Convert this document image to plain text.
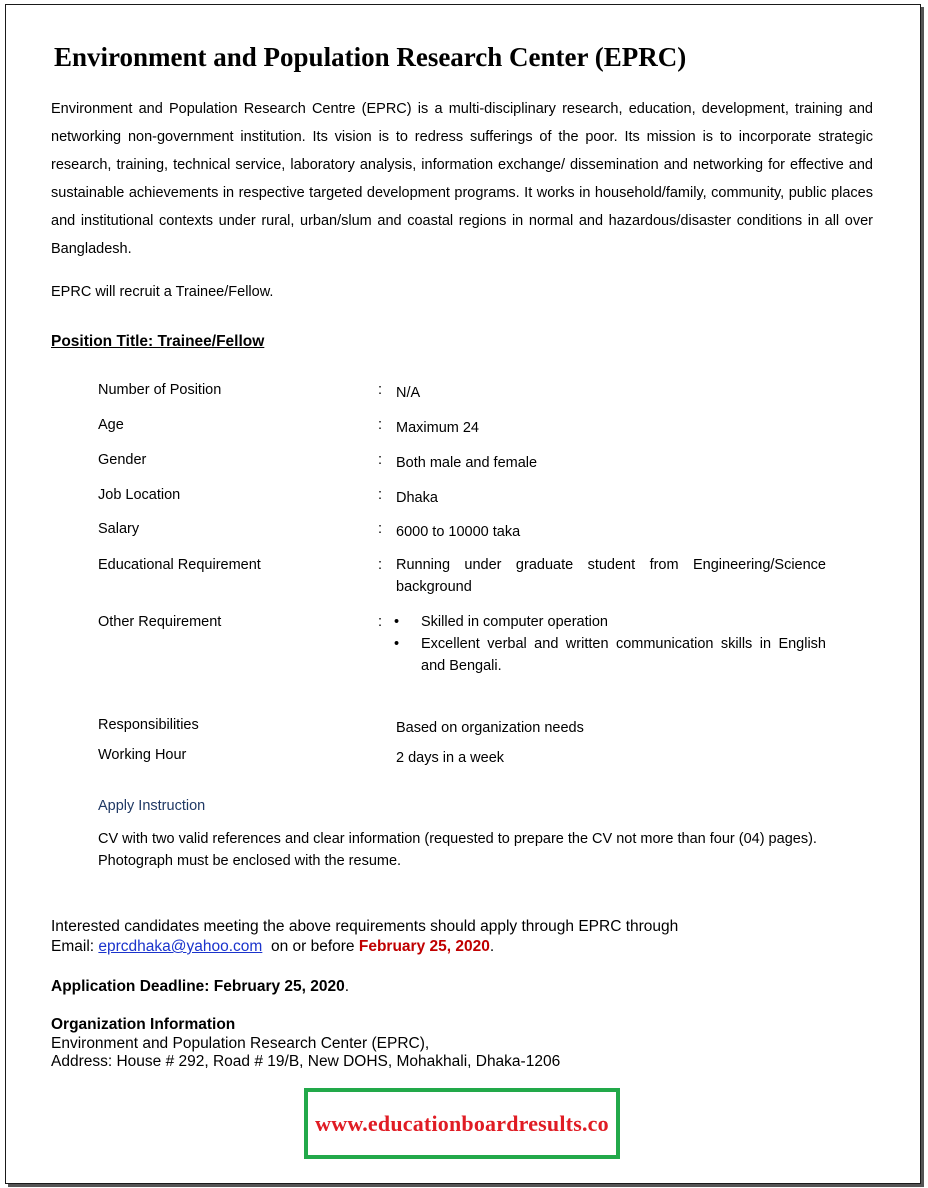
Environment and Population Research Center (EPRC)
Environment and Population Research Centre (EPRC) is a multi-disciplinary research, education, development, training and networking non-government institution. Its vision is to redress sufferings of the poor. Its mission is to incorporate strategic research, training, technical service, laboratory analysis, information exchange/ dissemination and networking for effective and sustainable achievements in respective targeted development programs. It works in household/family, community, public places and institutional contexts under rural, urban/slum and coastal regions in normal and hazardous/disaster conditions in all over Bangladesh.
EPRC will recruit a Trainee/Fellow.
Position Title: Trainee/Fellow
Number of Position	: N/A
Age	: Maximum 24
Gender	: Both male and female
Job Location	: Dhaka
Salary	: 6000 to 10000 taka
Educational Requirement	: Running under graduate student from Engineering/Science background
Other Requirement	:
•	Skilled in computer operation
• Excellent verbal and written communication skills in English and Bengali.
Responsibilities	Based on organization needs
Working Hour	2 days in a week
Apply Instruction
CV with two valid references and clear information (requested to prepare the CV not more than four (04) pages). Photograph must be enclosed with the resume.
Interested candidates meeting the above requirements should apply through EPRC through
Email: eprcdhaka@yahoo.com on or before February 25, 2020.
Application Deadline: February 25, 2020.
Organization Information
Environment and Population Research Center (EPRC),
Address: House # 292, Road # 19/B, New DOHS, Mohakhali, Dhaka-1206
www.educationboardresults.co
